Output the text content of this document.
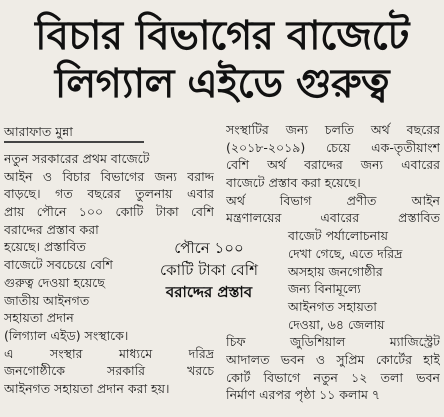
বিচার বিভাগের বাজেটে
লিগ্যাল এইডে গুরুত্ব
আরাফাত মুন্না
নতুন সরকারের প্রথম বাজেটে
আইন ও বিচার বিভাগের জন্য বরাদ্দ
বাড়ছে। গত বছরের তুলনায় এবার
প্রায় পৌনে ১০০ কোটি টাকা বেশি
বরাদ্দের প্রস্তাব করা
হয়েছে। প্রস্তাবিত
বাজেটে সবচেয়ে বেশি
গুরুত্ব দেওয়া হয়েছে
জাতীয় আইনগত
সহায়তা প্রদান
(লিগ্যাল এইড) সংস্থাকে।
এ সংস্থার মাধ্যমে দরিদ্র
জনগোষ্ঠীকে সরকারি খরচে
আইনগত সহায়তা প্রদান করা হয়।
সংস্থাটির জন্য চলতি অর্থ বছরের
(২০১৮-২০১৯) চেয়ে এক-তৃতীয়াংশ
বেশি অর্থ বরাদ্দের জন্য এবারের
বাজেটে প্রস্তাব করা হয়েছে।
অর্থ বিভাগ প্রণীত আইন
মন্ত্রণালয়ের এবারের প্রস্তাবিত
বাজেট পর্যালোচনায়
দেখা গেছে, এতে দরিদ্র
অসহায় জনগোষ্ঠীর
জন্য বিনামূল্যে
আইনগত সহায়তা
দেওয়া, ৬৪ জেলায়
চিফ জুডিশিয়াল ম্যাজিস্ট্রেট
আদালত ভবন ও সুপ্রিম কোর্টের হাই
কোর্ট বিভাগে নতুন ১২ তলা ভবন
নির্মাণ এরপর পৃষ্ঠা ১১ কলাম ৭
পৌনে ১০০
কোটি টাকা বেশি
বরাদ্দের প্রস্তাব
